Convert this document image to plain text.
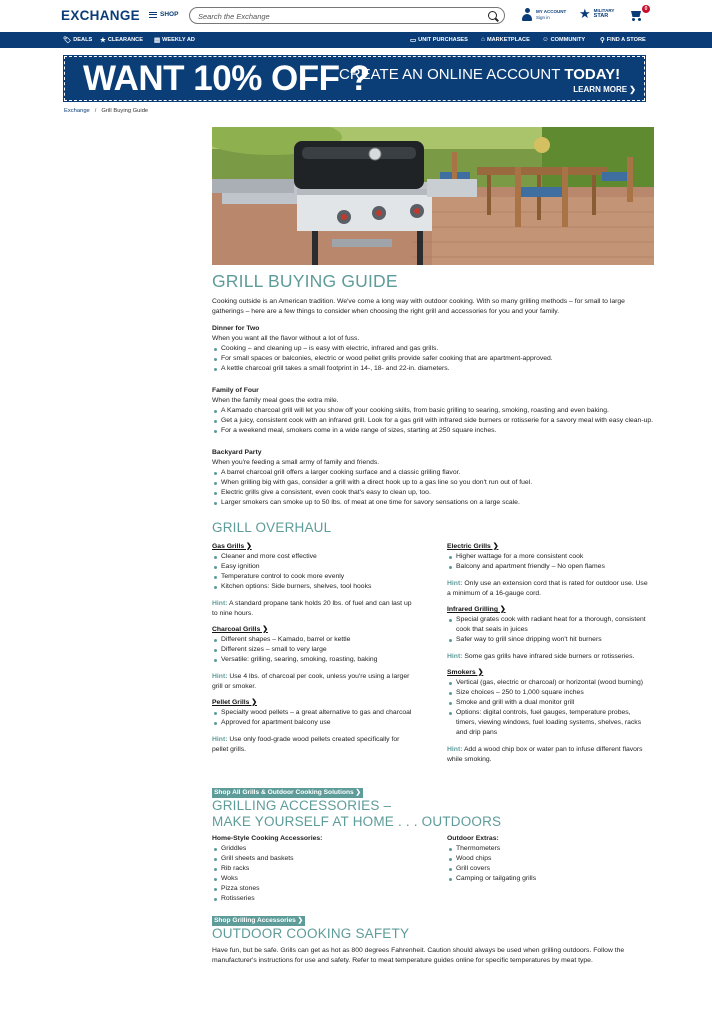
EXCHANGE	SHOP
Search the Exchange	MY ACCOUNT
Sign in	★ MILITARY
STAR
0
🏷 DEALS ★ CLEARANCE ▤ WEEKLY AD	▭ UNIT PURCHASES ⌂ MARKETPLACE ☺ COMMUNITY ⚲ FIND A STORE
WANT 10% OFF ?
CREATE AN ONLINE ACCOUNT TODAY!
LEARN MORE ❯
Exchange / Grill Buying Guide
GRILL BUYING GUIDE

Cooking outside is an American tradition. We've come a long way with outdoor cooking. With so many grilling methods – for small to large gatherings – here are a few things to consider when choosing the right grill and accessories for you and your family.

Dinner for Two

When you want all the flavor without a lot of fuss.

Cooking – and cleaning up – is easy with electric, infrared and gas grills.
For small spaces or balconies, electric or wood pellet grills provide safer cooking that are apartment-approved.
A kettle charcoal grill takes a small footprint in 14-, 18- and 22-in. diameters.
Family of Four

When the family meal goes the extra mile.

A Kamado charcoal grill will let you show off your cooking skills, from basic grilling to searing, smoking, roasting and even baking.
Get a juicy, consistent cook with an infrared grill. Look for a gas grill with infrared side burners or rotisserie for a savory meal with easy clean-up.
For a weekend meal, smokers come in a wide range of sizes, starting at 250 square inches.
Backyard Party

When you're feeding a small army of family and friends.

A barrel charcoal grill offers a larger cooking surface and a classic grilling flavor.
When grilling big with gas, consider a grill with a direct hook up to a gas line so you don't run out of fuel.
Electric grills give a consistent, even cook that's easy to clean up, too.
Larger smokers can smoke up to 50 lbs. of meat at one time for savory sensations on a large scale.
GRILL OVERHAUL
Gas Grills ❯
Cleaner and more cost effective
Easy ignition
Temperature control to cook more evenly
Kitchen options: Side burners, shelves, tool hooks

Hint: A standard propane tank holds 20 lbs. of fuel and can last up to nine hours.

Charcoal Grills ❯
Different shapes – Kamado, barrel or kettle
Different sizes – small to very large
Versatile: grilling, searing, smoking, roasting, baking

Hint: Use 4 lbs. of charcoal per cook, unless you're using a larger grill or smoker.

Pellet Grills ❯
Specialty wood pellets – a great alternative to gas and charcoal
Approved for apartment balcony use

Hint: Use only food-grade wood pellets created specifically for pellet grills.

Electric Grills ❯
Higher wattage for a more consistent cook
Balcony and apartment friendly – No open flames

Hint: Only use an extension cord that is rated for outdoor use. Use a minimum of a 16-gauge cord.

Infrared Grilling ❯
Special grates cook with radiant heat for a thorough, consistent cook that seals in juices
Safer way to grill since dripping won't hit burners

Hint: Some gas grills have infrared side burners or rotisseries.

Smokers ❯
Vertical (gas, electric or charcoal) or horizontal (wood burning)
Size choices – 250 to 1,000 square inches
Smoke and grill with a dual monitor grill
Options: digital controls, fuel gauges, temperature probes, timers, viewing windows, fuel loading systems, shelves, racks and drip pans

Hint: Add a wood chip box or water pan to infuse different flavors while smoking.

Shop All Grills & Outdoor Cooking Solutions ❯
GRILLING ACCESSORIES –
MAKE YOURSELF AT HOME . . . OUTDOORS
Home-Style Cooking Accessories:
Griddles
Grill sheets and baskets
Rib racks
Woks
Pizza stones
Rotisseries
Outdoor Extras:
Thermometers
Wood chips
Grill covers
Camping or tailgating grills
Shop Grilling Accessories ❯
OUTDOOR COOKING SAFETY

Have fun, but be safe. Grills can get as hot as 800 degrees Fahrenheit. Caution should always be used when grilling outdoors. Follow the manufacturer's instructions for use and safety. Refer to meat temperature guides online for specific temperatures by meat type.
